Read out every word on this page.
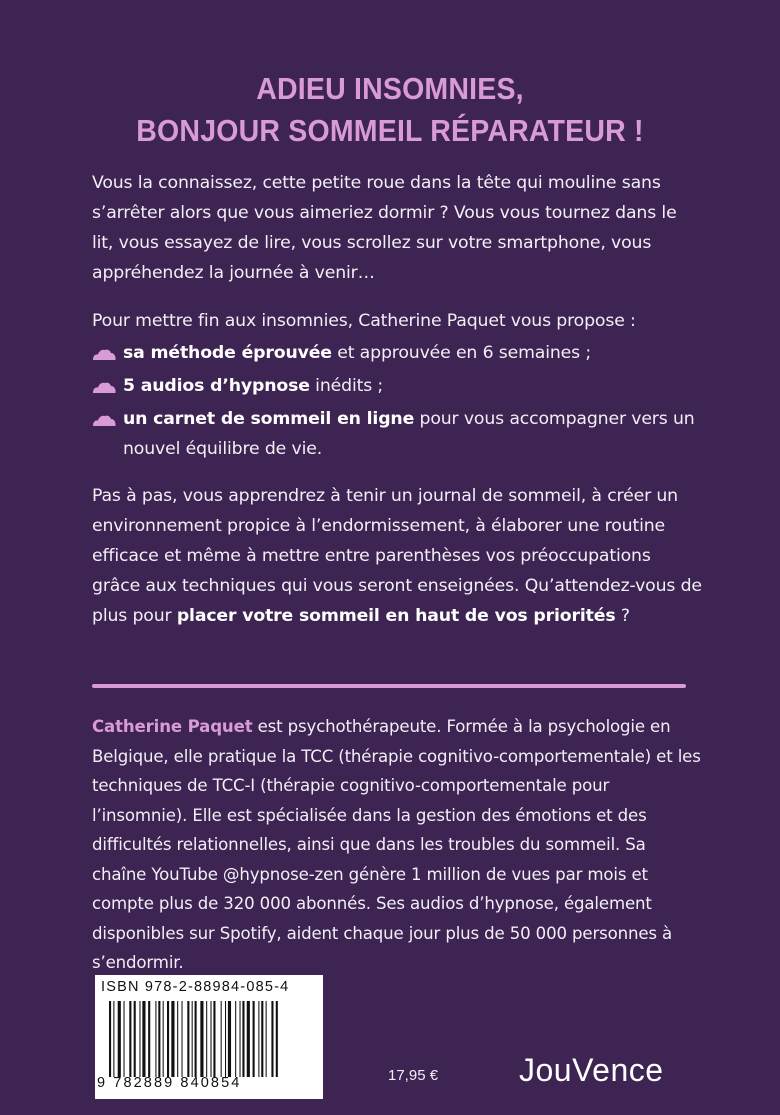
ADIEU INSOMNIES,
BONJOUR SOMMEIL RÉPARATEUR !
Vous la connaissez, cette petite roue dans la tête qui mouline sans s’arrêter alors que vous aimeriez dormir ? Vous vous tournez dans le lit, vous essayez de lire, vous scrollez sur votre smartphone, vous appréhendez la journée à venir…
Pour mettre fin aux insomnies, Catherine Paquet vous propose :
sa méthode éprouvée et approuvée en 6 semaines ;
5 audios d’hypnose inédits ;
un carnet de sommeil en ligne pour vous accompagner vers un nouvel équilibre de vie.
Pas à pas, vous apprendrez à tenir un journal de sommeil, à créer un environnement propice à l’endormissement, à élaborer une routine efficace et même à mettre entre parenthèses vos préoccupations grâce aux techniques qui vous seront enseignées. Qu’attendez-vous de plus pour placer votre sommeil en haut de vos priorités ?
Catherine Paquet est psychothérapeute. Formée à la psychologie en Belgique, elle pratique la TCC (thérapie cognitivo-comportementale) et les techniques de TCC-I (thérapie cognitivo-comportementale pour l’insomnie). Elle est spécialisée dans la gestion des émotions et des difficultés relationnelles, ainsi que dans les troubles du sommeil. Sa chaîne YouTube @hypnose-zen génère 1 million de vues par mois et compte plus de 320 000 abonnés. Ses audios d’hypnose, également disponibles sur Spotify, aident chaque jour plus de 50 000 personnes à s’endormir.
ISBN 978-2-88984-085-4
9 782889 840854	17,95 €	JouVence
